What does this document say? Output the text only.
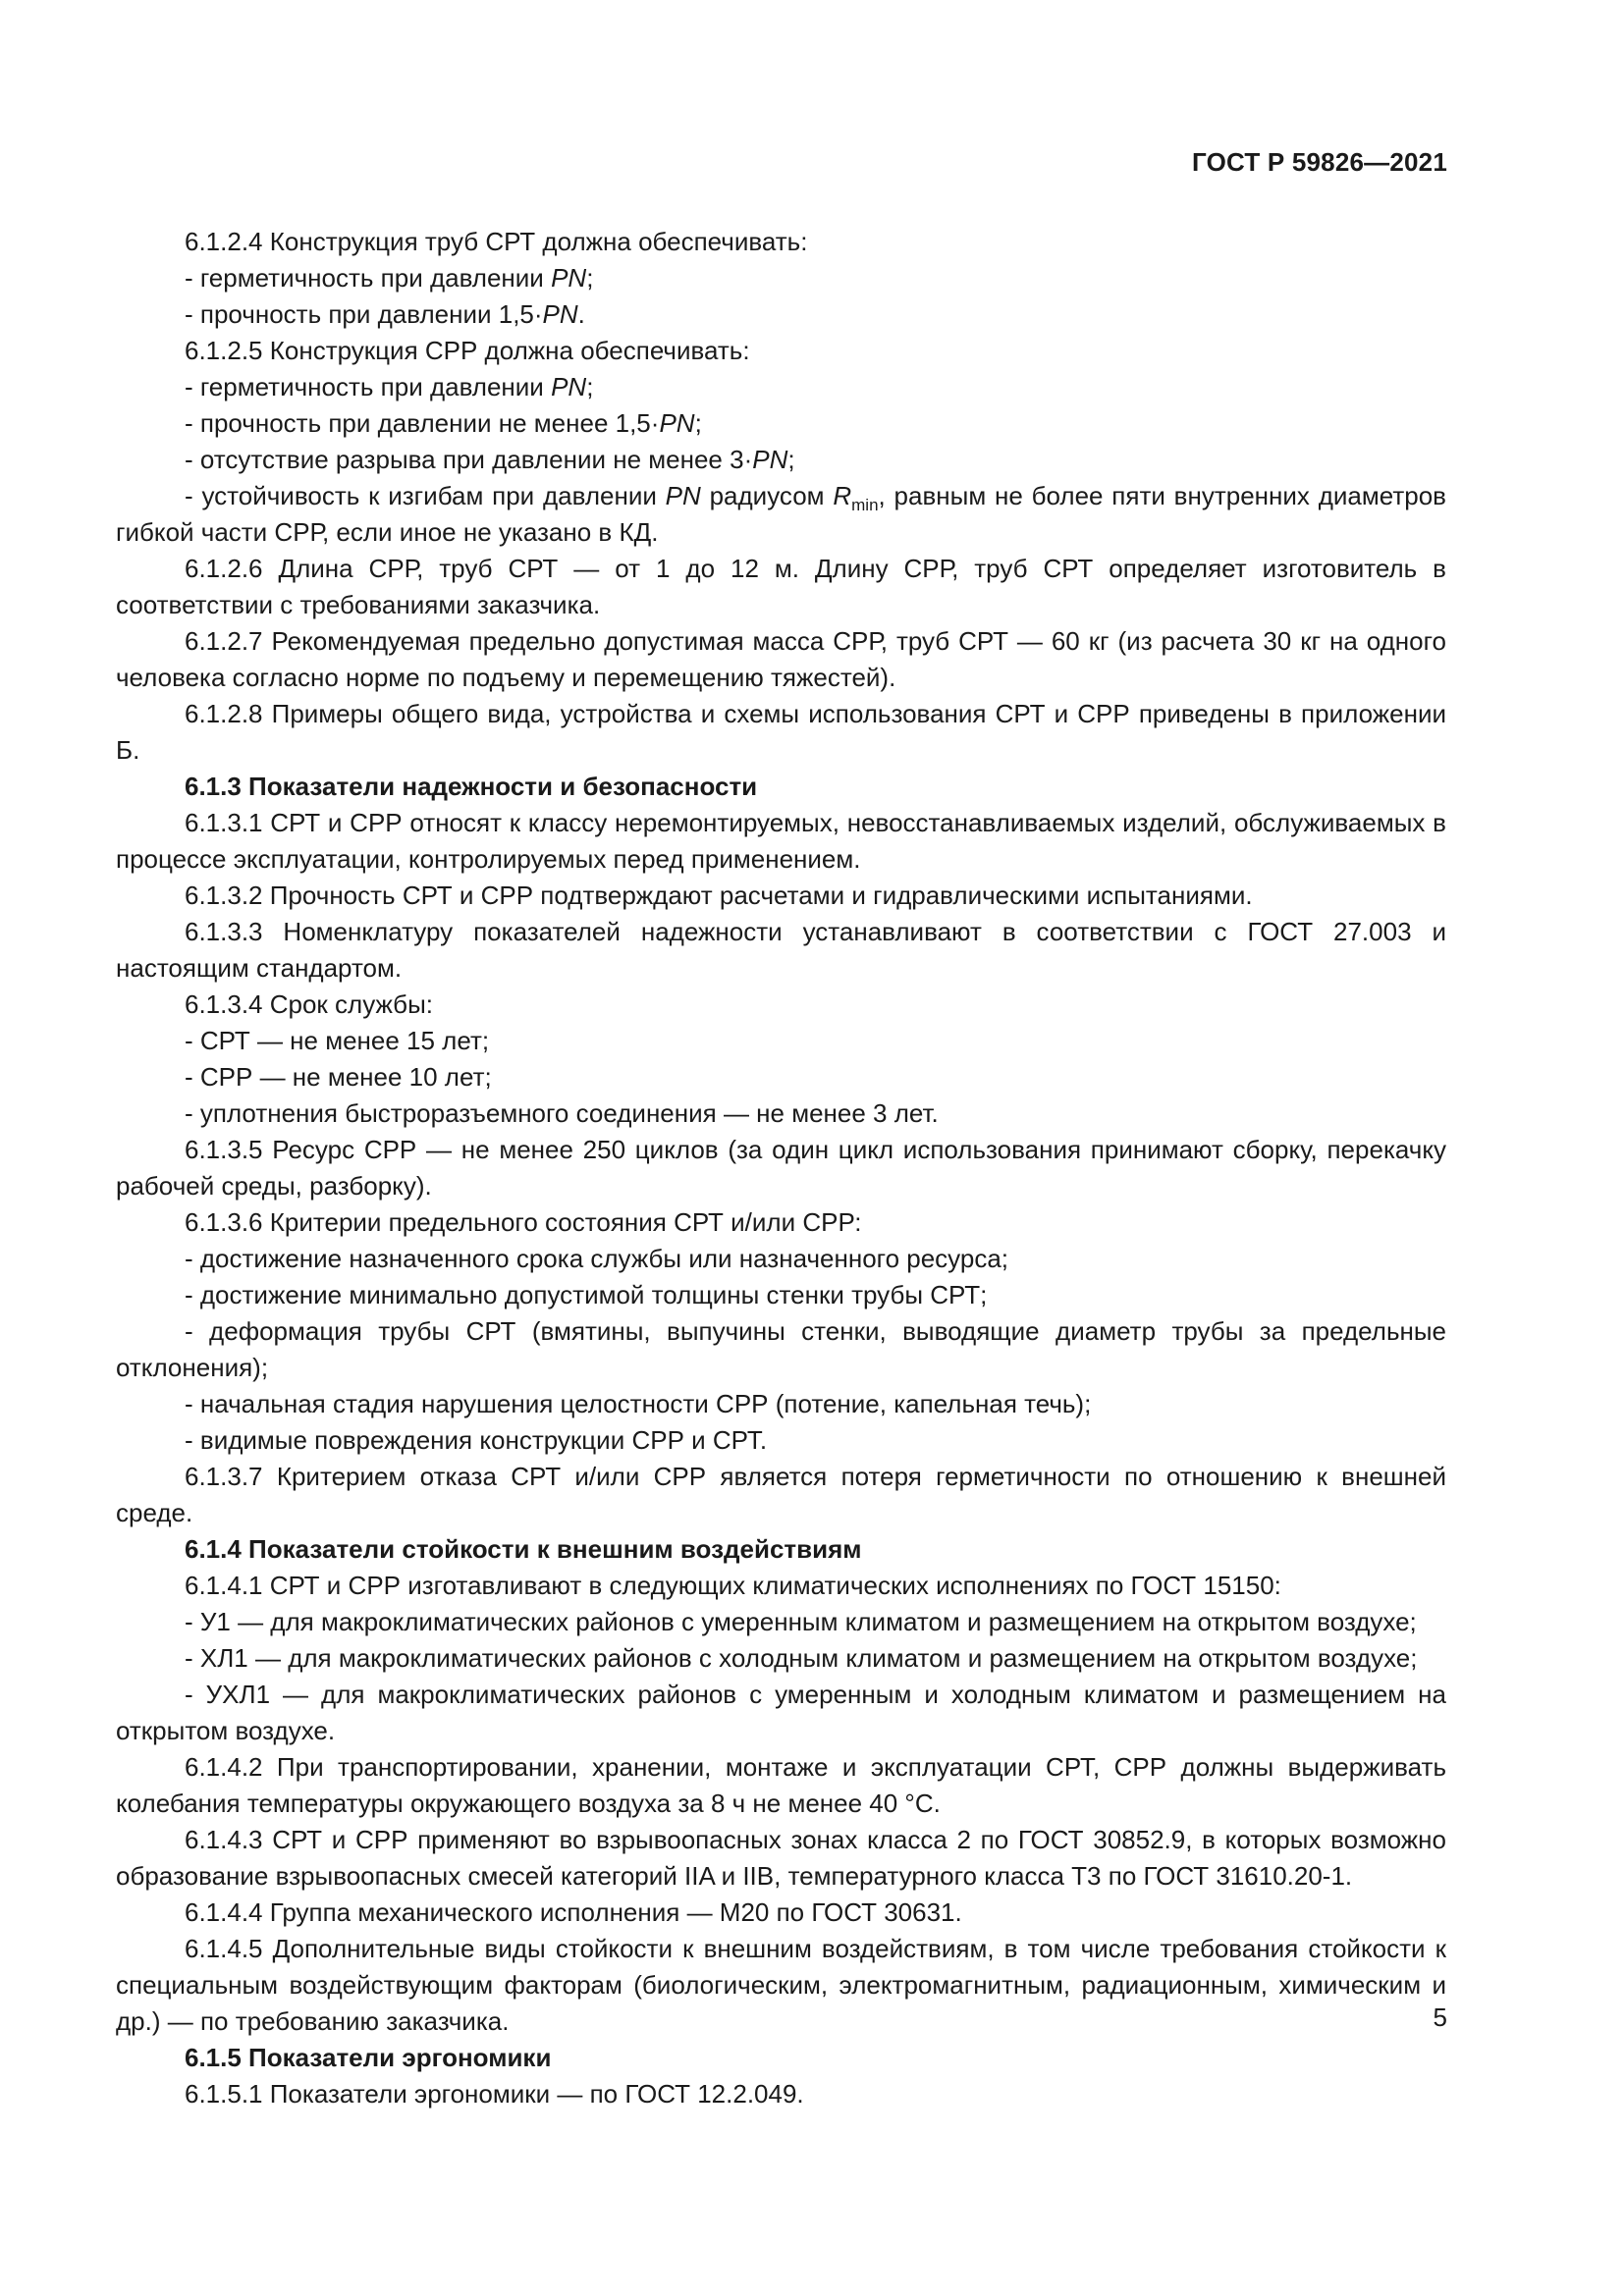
ГОСТ Р 59826—2021

6.1.2.4 Конструкция труб СРТ должна обеспечивать:

- герметичность при давлении PN;

- прочность при давлении 1,5·PN.

6.1.2.5 Конструкция СРР должна обеспечивать:

- герметичность при давлении PN;

- прочность при давлении не менее 1,5·PN;

- отсутствие разрыва при давлении не менее 3·PN;

- устойчивость к изгибам при давлении PN радиусом $R_{min}$, равным не более пяти внутренних диаметров гибкой части СРР, если иное не указано в КД.

6.1.2.6 Длина СРР, труб СРТ — от 1 до 12 м. Длину СРР, труб СРТ определяет изготовитель в соответствии с требованиями заказчика.

6.1.2.7 Рекомендуемая предельно допустимая масса СРР, труб СРТ — 60 кг (из расчета 30 кг на одного человека согласно норме по подъему и перемещению тяжестей).

6.1.2.8 Примеры общего вида, устройства и схемы использования СРТ и СРР приведены в приложении Б.

6.1.3 Показатели надежности и безопасности

6.1.3.1 СРТ и СРР относят к классу неремонтируемых, невосстанавливаемых изделий, обслуживаемых в процессе эксплуатации, контролируемых перед применением.

6.1.3.2 Прочность СРТ и СРР подтверждают расчетами и гидравлическими испытаниями.

6.1.3.3 Номенклатуру показателей надежности устанавливают в соответствии с ГОСТ 27.003 и настоящим стандартом.

6.1.3.4 Срок службы:

- СРТ — не менее 15 лет;

- СРР — не менее 10 лет;

- уплотнения быстроразъемного соединения — не менее 3 лет.

6.1.3.5 Ресурс СРР — не менее 250 циклов (за один цикл использования принимают сборку, перекачку рабочей среды, разборку).

6.1.3.6 Критерии предельного состояния СРТ и/или СРР:

- достижение назначенного срока службы или назначенного ресурса;

- достижение минимально допустимой толщины стенки трубы СРТ;

- деформация трубы СРТ (вмятины, выпучины стенки, выводящие диаметр трубы за предельные отклонения);

- начальная стадия нарушения целостности СРР (потение, капельная течь);

- видимые повреждения конструкции СРР и СРТ.

6.1.3.7 Критерием отказа СРТ и/или СРР является потеря герметичности по отношению к внешней среде.

6.1.4 Показатели стойкости к внешним воздействиям

6.1.4.1 СРТ и СРР изготавливают в следующих климатических исполнениях по ГОСТ 15150:

- У1 — для макроклиматических районов с умеренным климатом и размещением на открытом воздухе;

- ХЛ1 — для макроклиматических районов с холодным климатом и размещением на открытом воздухе;

- УХЛ1 — для макроклиматических районов с умеренным и холодным климатом и размещением на открытом воздухе.

6.1.4.2 При транспортировании, хранении, монтаже и эксплуатации СРТ, СРР должны выдерживать колебания температуры окружающего воздуха за 8 ч не менее 40 °С.

6.1.4.3 СРТ и СРР применяют во взрывоопасных зонах класса 2 по ГОСТ 30852.9, в которых возможно образование взрывоопасных смесей категорий IIA и IIB, температурного класса Т3 по ГОСТ 31610.20-1.

6.1.4.4 Группа механического исполнения — М20 по ГОСТ 30631.

6.1.4.5 Дополнительные виды стойкости к внешним воздействиям, в том числе требования стойкости к специальным воздействующим факторам (биологическим, электромагнитным, радиационным, химическим и др.) — по требованию заказчика.

6.1.5 Показатели эргономики

6.1.5.1 Показатели эргономики — по ГОСТ 12.2.049.

5
